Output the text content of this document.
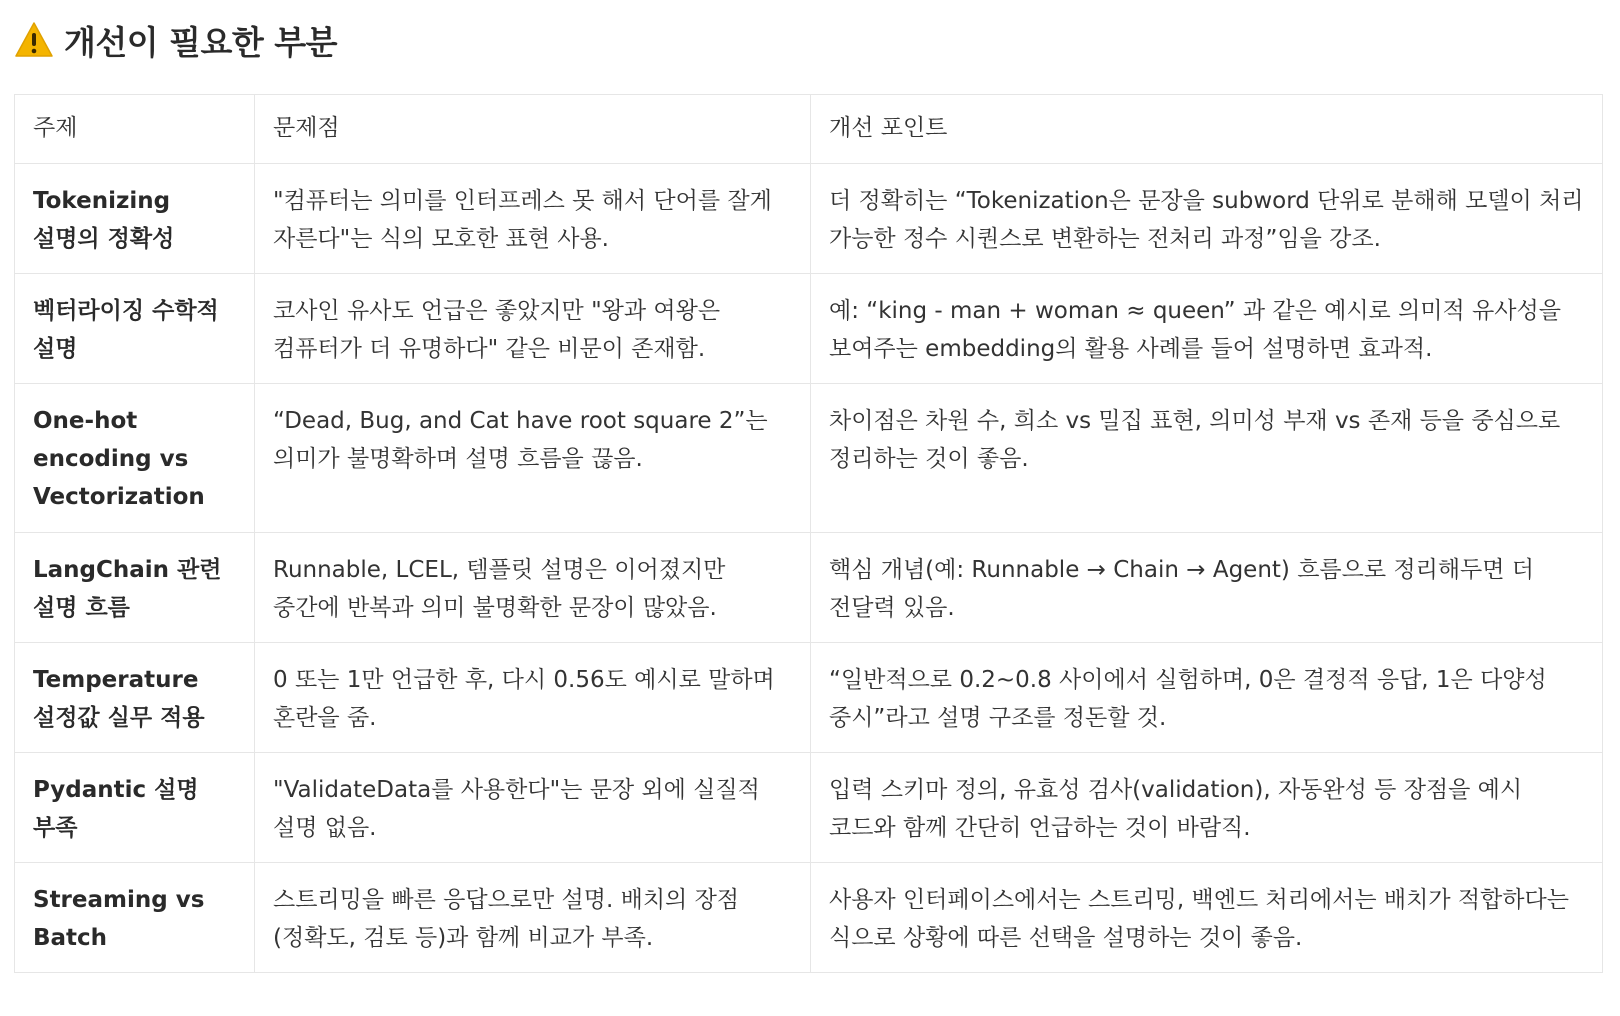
개선이 필요한 부분
주제	문제점	개선 포인트
Tokenizing 설명의 정확성	"컴퓨터는 의미를 인터프레스 못 해서 단어를 잘게 자른다"는 식의 모호한 표현 사용.	더 정확히는 “Tokenization은 문장을 subword 단위로 분해해 모델이 처리 가능한 정수 시퀀스로 변환하는 전처리 과정”임을 강조.
벡터라이징 수학적 설명	코사인 유사도 언급은 좋았지만 "왕과 여왕은 컴퓨터가 더 유명하다" 같은 비문이 존재함.	예: “king - man + woman ≈ queen” 과 같은 예시로 의미적 유사성을 보여주는 embedding의 활용 사례를 들어 설명하면 효과적.
One-hot encoding vs Vectorization	“Dead, Bug, and Cat have root square 2”는 의미가 불명확하며 설명 흐름을 끊음.	차이점은 차원 수, 희소 vs 밀집 표현, 의미성 부재 vs 존재 등을 중심으로 정리하는 것이 좋음.
LangChain 관련 설명 흐름	Runnable, LCEL, 템플릿 설명은 이어졌지만 중간에 반복과 의미 불명확한 문장이 많았음.	핵심 개념(예: Runnable → Chain → Agent) 흐름으로 정리해두면 더 전달력 있음.
Temperature 설정값 실무 적용	0 또는 1만 언급한 후, 다시 0.56도 예시로 말하며 혼란을 줌.	“일반적으로 0.2~0.8 사이에서 실험하며, 0은 결정적 응답, 1은 다양성 중시”라고 설명 구조를 정돈할 것.
Pydantic 설명 부족	"ValidateData를 사용한다"는 문장 외에 실질적 설명 없음.	입력 스키마 정의, 유효성 검사(validation), 자동완성 등 장점을 예시 코드와 함께 간단히 언급하는 것이 바람직.
Streaming vs Batch	스트리밍을 빠른 응답으로만 설명. 배치의 장점(정확도, 검토 등)과 함께 비교가 부족.	사용자 인터페이스에서는 스트리밍, 백엔드 처리에서는 배치가 적합하다는 식으로 상황에 따른 선택을 설명하는 것이 좋음.
